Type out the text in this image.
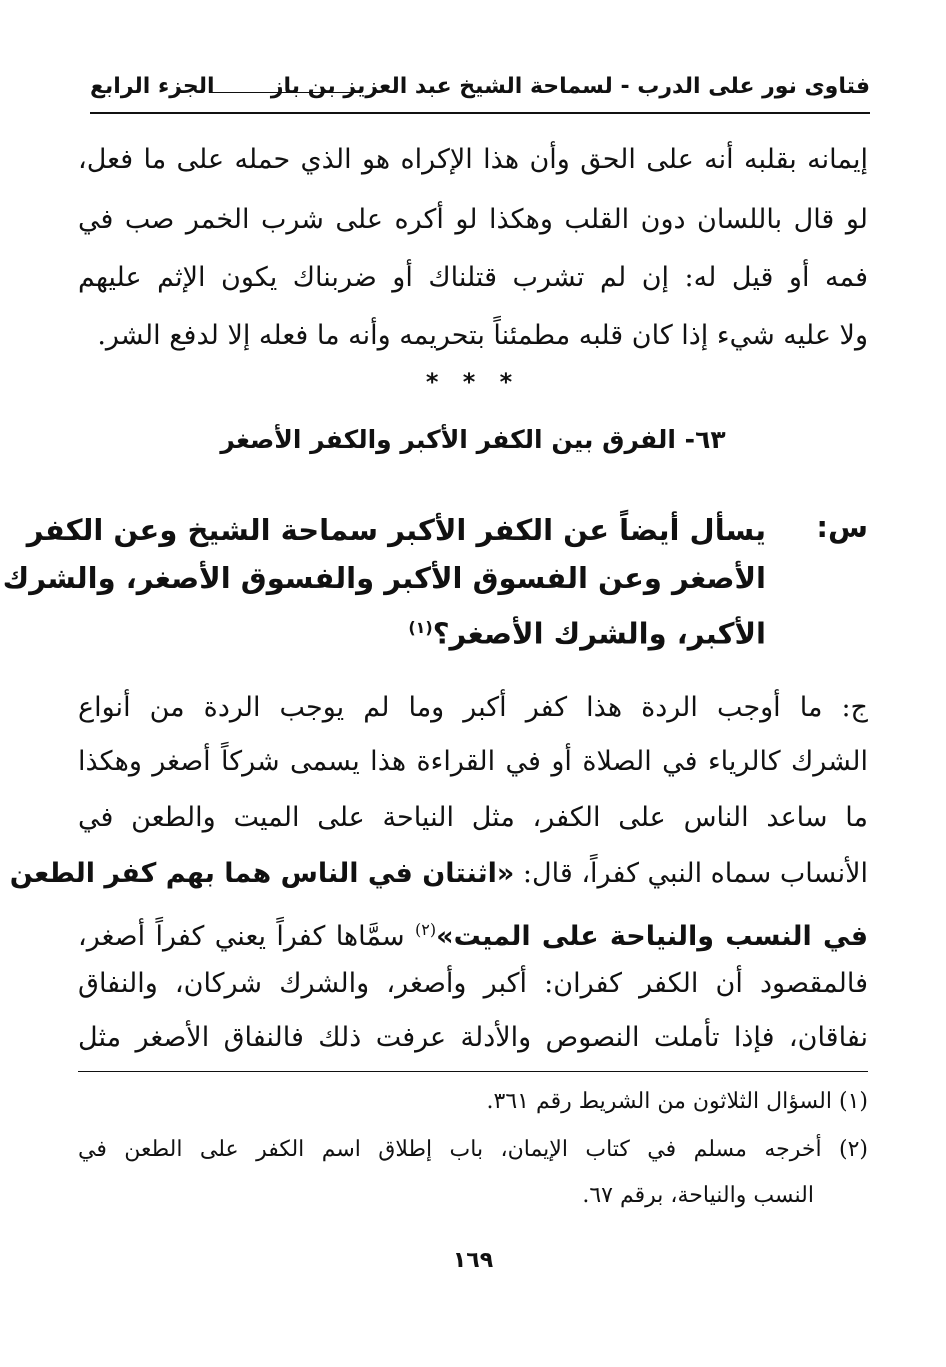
فتاوى نور على الدرب - لسماحة الشيخ عبد العزيز بن باز
الجزء الرابع
إيمانه بقلبه أنه على الحق وأن هذا الإكراه هو الذي حمله على ما فعل،
لو قال باللسان دون القلب وهكذا لو أكره على شرب الخمر صب في
فمه أو قيل له: إن لم تشرب قتلناك أو ضربناك يكون الإثم عليهم
ولا عليه شيء إذا كان قلبه مطمئناً بتحريمه وأنه ما فعله إلا لدفع الشر.
* * *
٦٣- الفرق بين الكفر الأكبر والكفر الأصغر
س:
يسأل أيضاً عن الكفر الأكبر سماحة الشيخ وعن الكفر
الأصغر وعن الفسوق الأكبر والفسوق الأصغر، والشرك
الأكبر، والشرك الأصغر؟$^{(١)}$
ج: ما أوجب الردة هذا كفر أكبر وما لم يوجب الردة من أنواع
الشرك كالرياء في الصلاة أو في القراءة هذا يسمى شركاً أصغر وهكذا
ما ساعد الناس على الكفر، مثل النياحة على الميت والطعن في
الأنساب سماه النبي كفراً، قال: «اثنتان في الناس هما بهم كفر الطعن
في النسب والنياحة على الميت»$^{(٢)}$ سمَّاها كفراً يعني كفراً أصغر،
فالمقصود أن الكفر كفران: أكبر وأصغر، والشرك شركان، والنفاق
نفاقان، فإذا تأملت النصوص والأدلة عرفت ذلك فالنفاق الأصغر مثل
(١) السؤال الثلاثون من الشريط رقم ٣٦١.
(٢) أخرجه مسلم في كتاب الإيمان، باب إطلاق اسم الكفر على الطعن في
النسب والنياحة، برقم ٦٧.
١٦٩
